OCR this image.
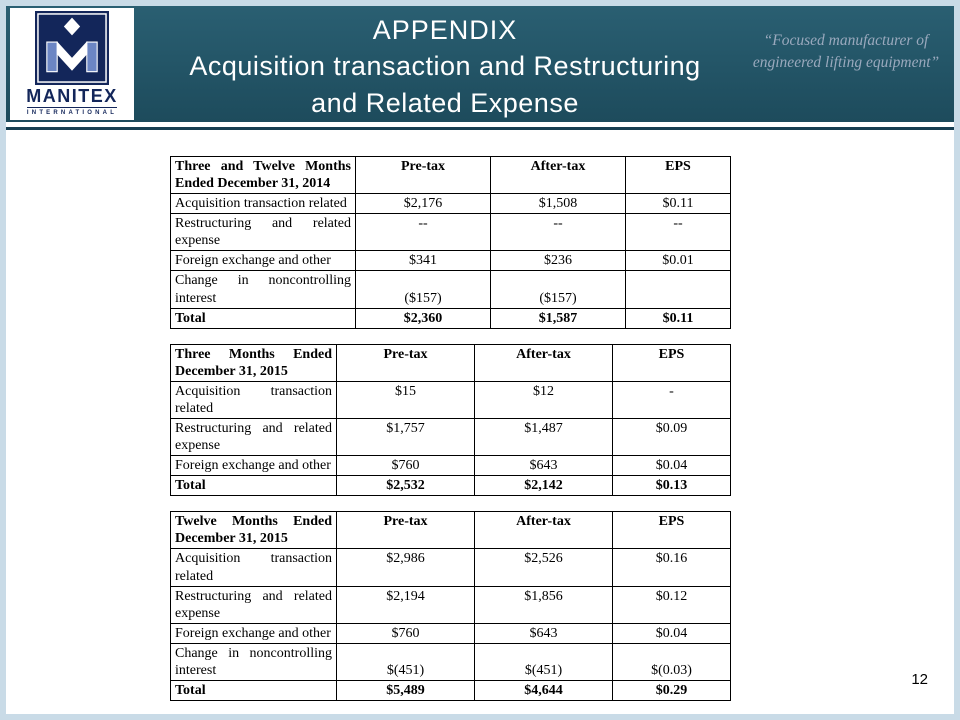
MANITEX
INTERNATIONAL
APPENDIX
Acquisition transaction and Restructuring
and Related Expense
“Focused manufacturer of engineered lifting equipment”
Three and Twelve Months Ended December 31, 2014	Pre-tax	After-tax	EPS
Acquisition transaction related	$2,176	$1,508	$0.11
Restructuring and related expense	--	--	--
Foreign exchange and other	$341	$236	$0.01
Change in noncontrolling interest	($157)	($157)	
Total	$2,360	$1,587	$0.11
Three Months Ended December 31, 2015	Pre-tax	After-tax	EPS
Acquisition transaction related	$15	$12	-
Restructuring and related expense	$1,757	$1,487	$0.09
Foreign exchange and other	$760	$643	$0.04
Total	$2,532	$2,142	$0.13
Twelve Months Ended December 31, 2015	Pre-tax	After-tax	EPS
Acquisition transaction related	$2,986	$2,526	$0.16
Restructuring and related expense	$2,194	$1,856	$0.12
Foreign exchange and other	$760	$643	$0.04
Change in noncontrolling interest	$(451)	$(451)	$(0.03)
Total	$5,489	$4,644	$0.29
12
